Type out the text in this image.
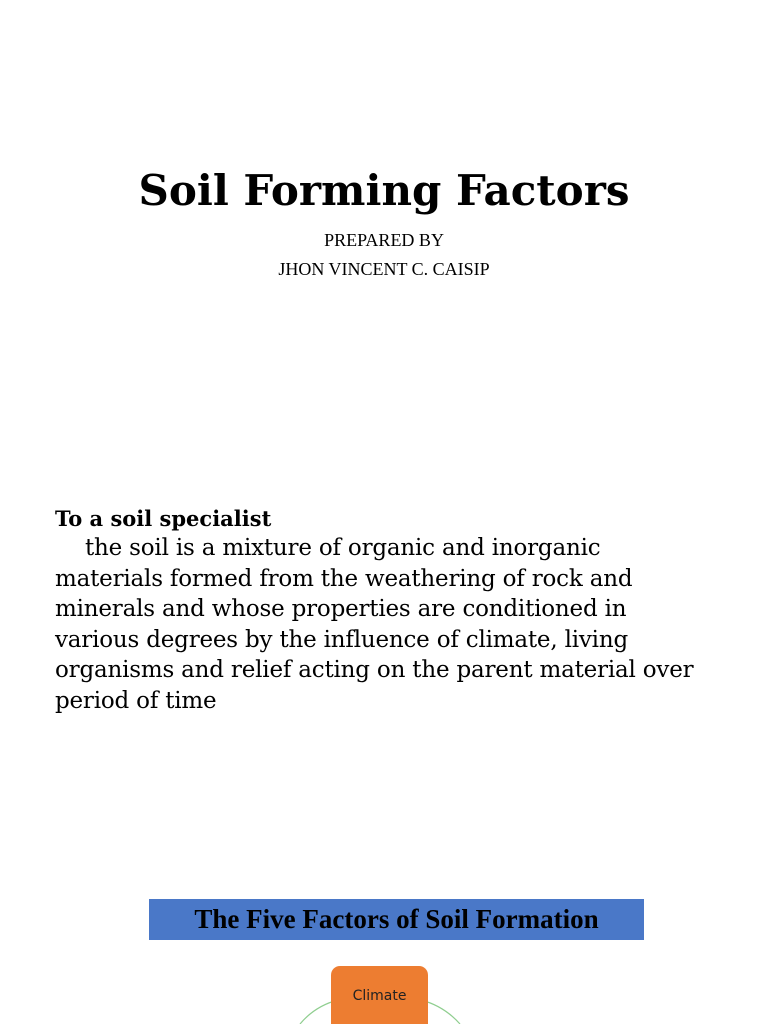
Soil Forming Factors
PREPARED BY
JHON VINCENT C. CAISIP

To a soil specialist

the soil is a mixture of organic and inorganic materials formed from the weathering of rock and minerals and whose properties are conditioned in various degrees by the influence of climate, living organisms and relief acting on the parent material over period of time

The Five Factors of Soil Formation
Climate
